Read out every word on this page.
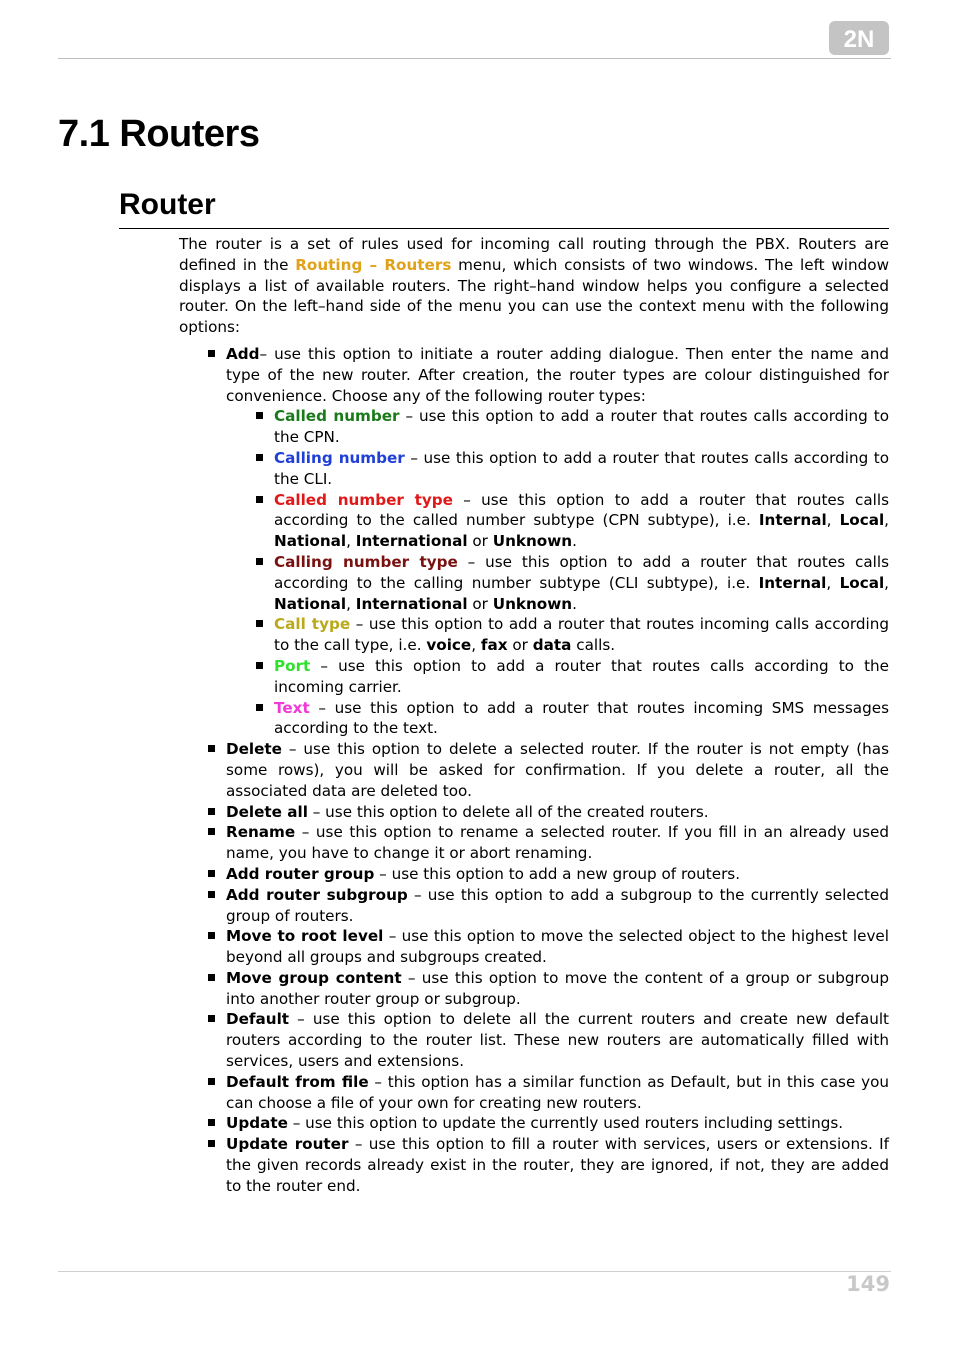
2N
7.1 Routers
Router

The router is a set of rules used for incoming call routing through the PBX. Routers are defined in the Routing – Routers menu, which consists of two windows. The left window displays a list of available routers. The right–hand window helps you configure a selected router. On the left–hand side of the menu you can use the context menu with the following options:

Add– use this option to initiate a router adding dialogue. Then enter the name and type of the new router. After creation, the router types are colour distinguished for convenience. Choose any of the following router types:
Called number – use this option to add a router that routes calls according to the CPN.
Calling number – use this option to add a router that routes calls according to the CLI.
Called number type – use this option to add a router that routes calls according to the called number subtype (CPN subtype), i.e. Internal, Local, National, International or Unknown.
Calling number type – use this option to add a router that routes calls according to the calling number subtype (CLI subtype), i.e. Internal, Local, National, International or Unknown.
Call type – use this option to add a router that routes incoming calls according to the call type, i.e. voice, fax or data calls.
Port – use this option to add a router that routes calls according to the incoming carrier.
Text – use this option to add a router that routes incoming SMS messages according to the text.
Delete – use this option to delete a selected router. If the router is not empty (has some rows), you will be asked for confirmation. If you delete a router, all the associated data are deleted too.
Delete all – use this option to delete all of the created routers.
Rename – use this option to rename a selected router. If you fill in an already used name, you have to change it or abort renaming.
Add router group – use this option to add a new group of routers.
Add router subgroup – use this option to add a subgroup to the currently selected group of routers.
Move to root level – use this option to move the selected object to the highest level beyond all groups and subgroups created.
Move group content – use this option to move the content of a group or subgroup into another router group or subgroup.
Default – use this option to delete all the current routers and create new default routers according to the router list. These new routers are automatically filled with services, users and extensions.
Default from file – this option has a similar function as Default, but in this case you can choose a file of your own for creating new routers.
Update – use this option to update the currently used routers including settings.
Update router – use this option to fill a router with services, users or extensions. If the given records already exist in the router, they are ignored, if not, they are added to the router end.
149
